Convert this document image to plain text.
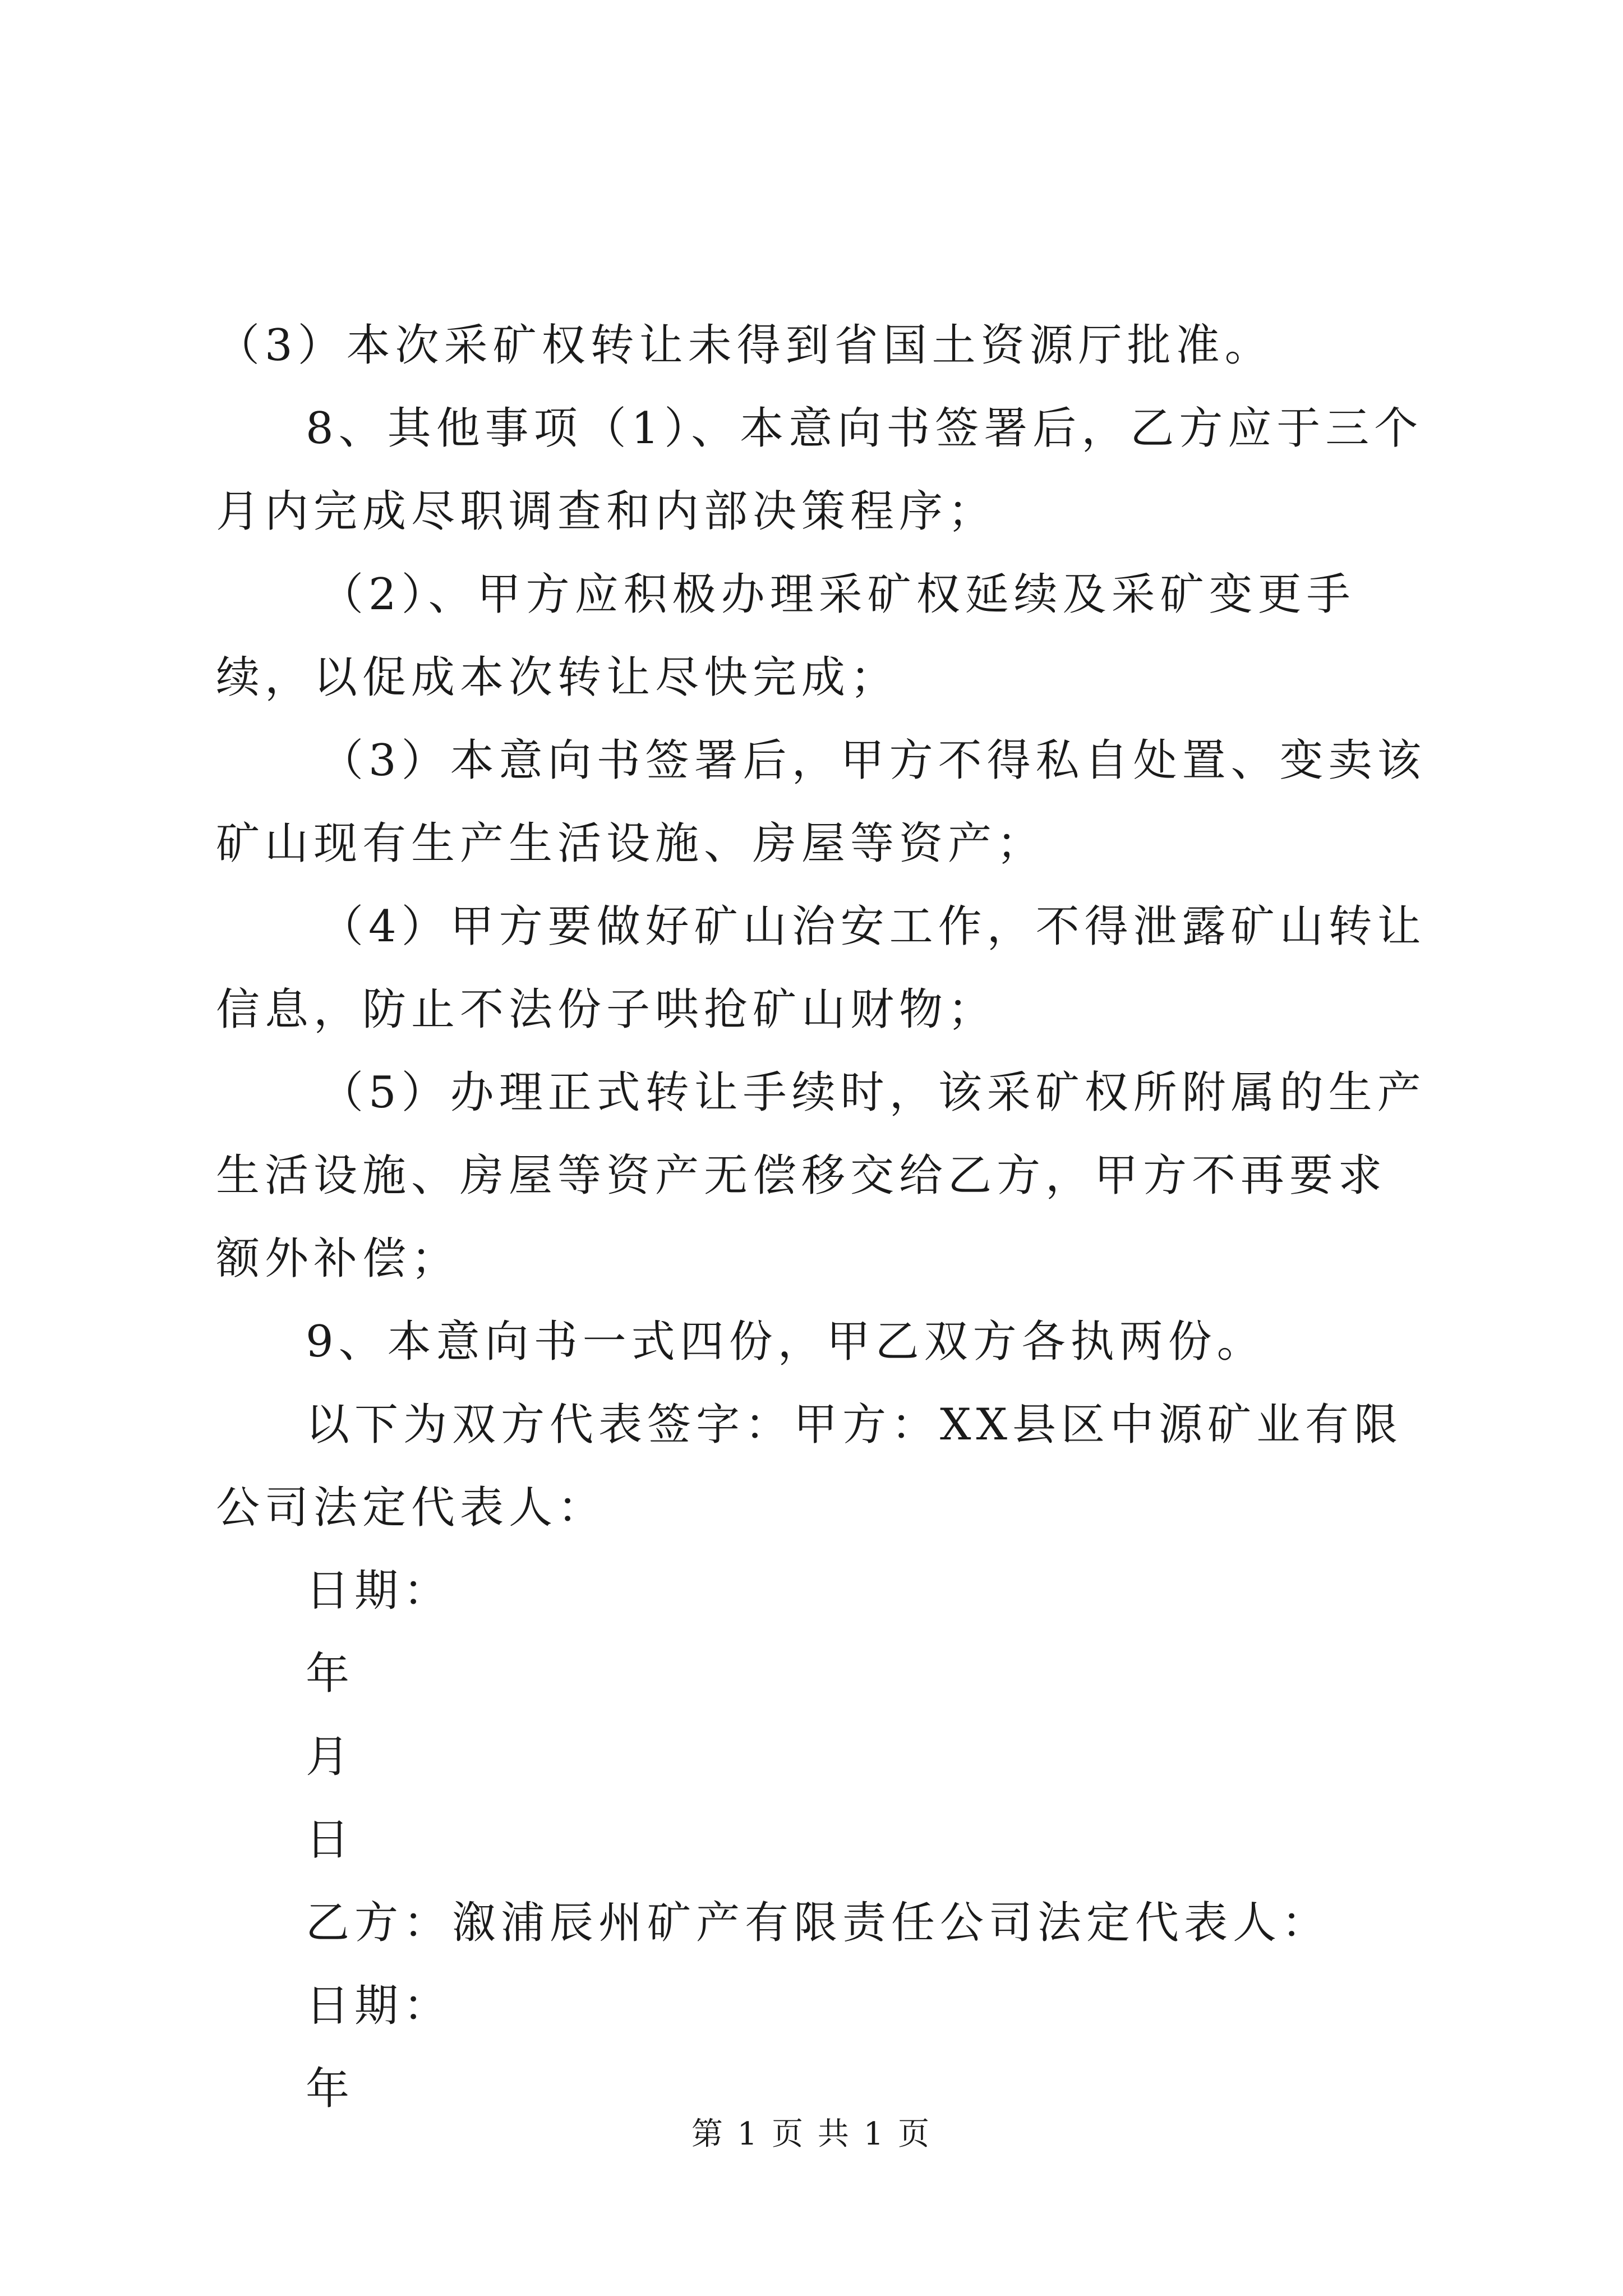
（3）本次采矿权转让未得到省国土资源厅批准。

8、其他事项（1）、本意向书签署后，乙方应于三个月内完成尽职调查和内部决策程序；

（2）、甲方应积极办理采矿权延续及采矿变更手续，以促成本次转让尽快完成；

（3）本意向书签署后，甲方不得私自处置、变卖该矿山现有生产生活设施、房屋等资产；

（4）甲方要做好矿山治安工作，不得泄露矿山转让信息，防止不法份子哄抢矿山财物；

（5）办理正式转让手续时，该采矿权所附属的生产生活设施、房屋等资产无偿移交给乙方，甲方不再要求额外补偿；

9、本意向书一式四份，甲乙双方各执两份。

以下为双方代表签字：甲方：XX县区中源矿业有限公司法定代表人：

日期：

年

月

日

乙方：溆浦辰州矿产有限责任公司法定代表人：

日期：

年

第 1 页 共 1 页
